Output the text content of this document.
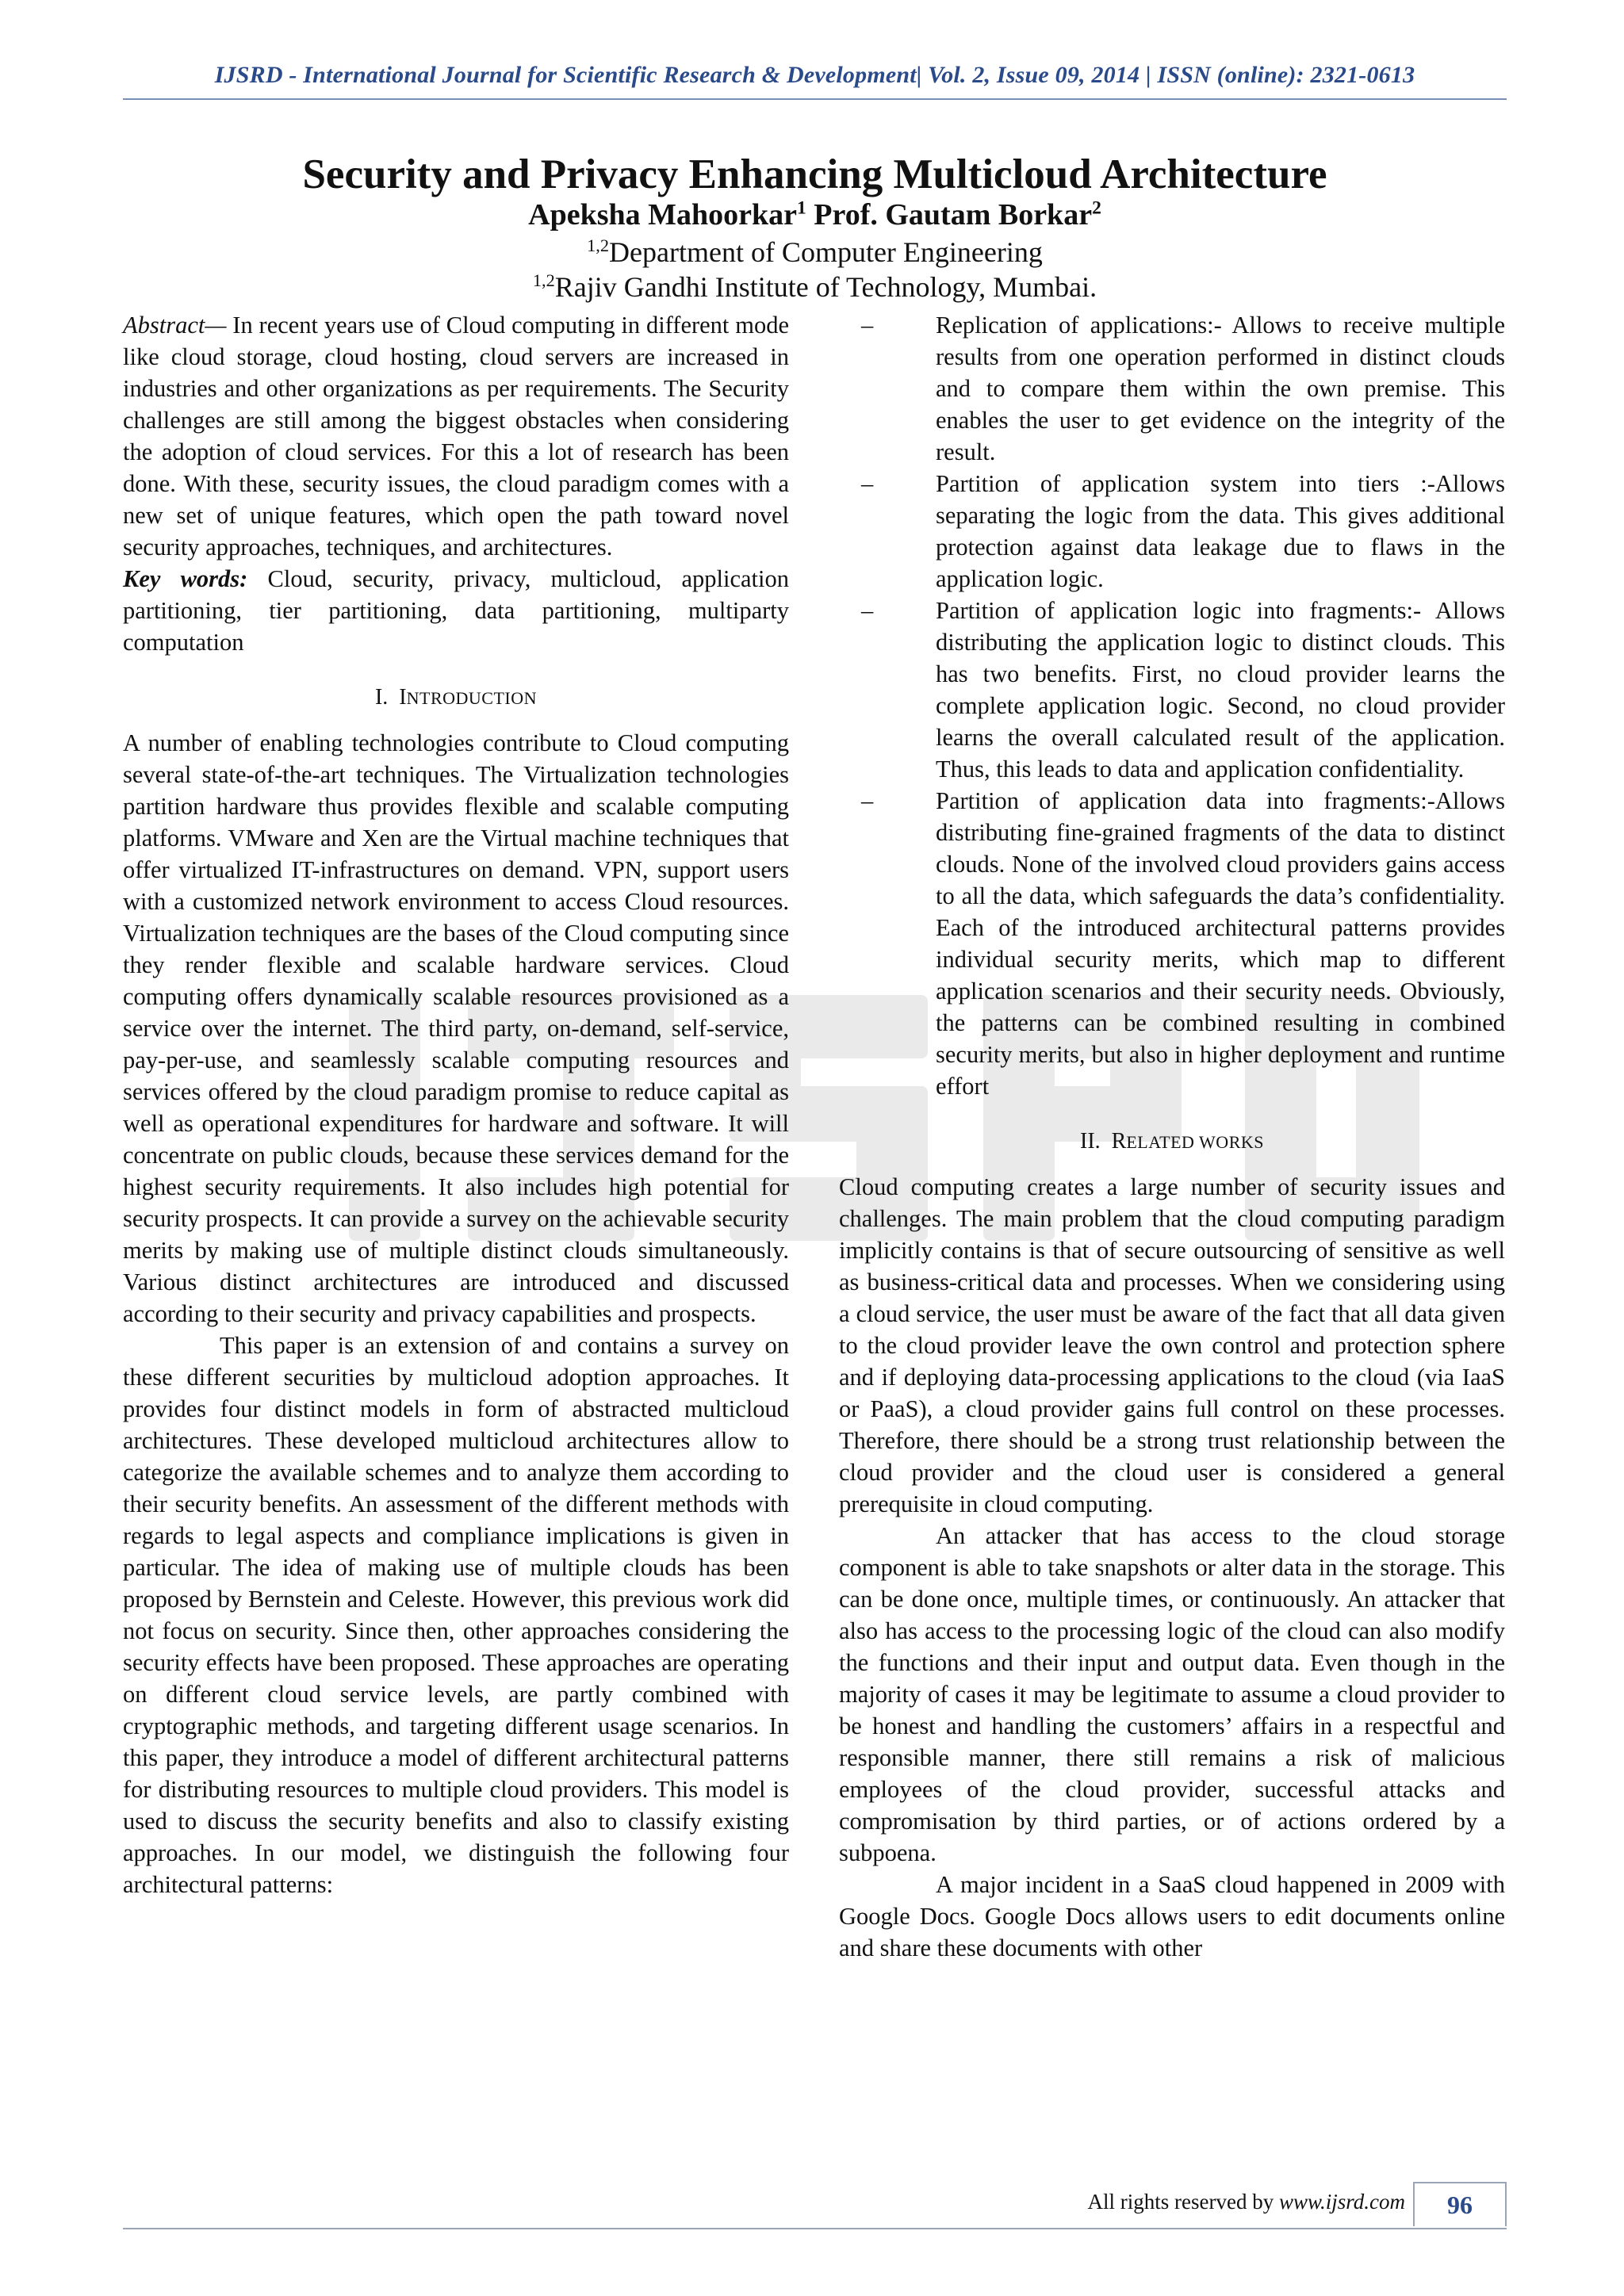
IJSRD - International Journal for Scientific Research & Development| Vol. 2, Issue 09, 2014 | ISSN (online): 2321-0613
Security and Privacy Enhancing Multicloud Architecture
Apeksha Mahoorkar$^1$ Prof. Gautam Borkar$^2$
$^{1,2}$Department of Computer Engineering
$^{1,2}$Rajiv Gandhi Institute of Technology, Mumbai.

Abstract— In recent years use of Cloud computing in different mode like cloud storage, cloud hosting, cloud servers are increased in industries and other organizations as per requirements. The Security challenges are still among the biggest obstacles when considering the adoption of cloud services. For this a lot of research has been done. With these, security issues, the cloud paradigm comes with a new set of unique features, which open the path toward novel security approaches, techniques, and architectures.

Key words: Cloud, security, privacy, multicloud, application partitioning, tier partitioning, data partitioning, multiparty computation

I. INTRODUCTION

A number of enabling technologies contribute to Cloud computing several state-of-the-art techniques. The Virtualization technologies partition hardware thus provides flexible and scalable computing platforms. VMware and Xen are the Virtual machine techniques that offer virtualized IT-infrastructures on demand. VPN, support users with a customized network environment to access Cloud resources. Virtualization techniques are the bases of the Cloud computing since they render flexible and scalable hardware services. Cloud computing offers dynamically scalable resources provisioned as a service over the internet. The third party, on-demand, self-service, pay-per-use, and seamlessly scalable computing resources and services offered by the cloud paradigm promise to reduce capital as well as operational expenditures for hardware and software. It will concentrate on public clouds, because these services demand for the highest security requirements. It also includes high potential for security prospects. It can provide a survey on the achievable security merits by making use of multiple distinct clouds simultaneously. Various distinct architectures are introduced and discussed according to their security and privacy capabilities and prospects.

This paper is an extension of and contains a survey on these different securities by multicloud adoption approaches. It provides four distinct models in form of abstracted multicloud architectures. These developed multicloud architectures allow to categorize the available schemes and to analyze them according to their security benefits. An assessment of the different methods with regards to legal aspects and compliance implications is given in particular. The idea of making use of multiple clouds has been proposed by Bernstein and Celeste. However, this previous work did not focus on security. Since then, other approaches considering the security effects have been proposed. These approaches are operating on different cloud service levels, are partly combined with cryptographic methods, and targeting different usage scenarios. In this paper, they introduce a model of different architectural patterns for distributing resources to multiple cloud providers. This model is used to discuss the security benefits and also to classify existing approaches. In our model, we distinguish the following four architectural patterns:

–	Replication of applications:- Allows to receive multiple results from one operation performed in distinct clouds and to compare them within the own premise. This enables the user to get evidence on the integrity of the result.
–	Partition of application system into tiers :-Allows separating the logic from the data. This gives additional protection against data leakage due to flaws in the application logic.
–	Partition of application logic into fragments:- Allows distributing the application logic to distinct clouds. This has two benefits. First, no cloud provider learns the complete application logic. Second, no cloud provider learns the overall calculated result of the application. Thus, this leads to data and application confidentiality.
–	Partition of application data into fragments:-Allows distributing fine-grained fragments of the data to distinct clouds. None of the involved cloud providers gains access to all the data, which safeguards the data’s confidentiality. Each of the introduced architectural patterns provides individual security merits, which map to different application scenarios and their security needs. Obviously, the patterns can be combined resulting in combined security merits, but also in higher deployment and runtime effort
II. RELATED WORKS

Cloud computing creates a large number of security issues and challenges. The main problem that the cloud computing paradigm implicitly contains is that of secure outsourcing of sensitive as well as business-critical data and processes. When we considering using a cloud service, the user must be aware of the fact that all data given to the cloud provider leave the own control and protection sphere and if deploying data-processing applications to the cloud (via IaaS or PaaS), a cloud provider gains full control on these processes. Therefore, there should be a strong trust relationship between the cloud provider and the cloud user is considered a general prerequisite in cloud computing.

An attacker that has access to the cloud storage component is able to take snapshots or alter data in the storage. This can be done once, multiple times, or continuously. An attacker that also has access to the processing logic of the cloud can also modify the functions and their input and output data. Even though in the majority of cases it may be legitimate to assume a cloud provider to be honest and handling the customers’ affairs in a respectful and responsible manner, there still remains a risk of malicious employees of the cloud provider, successful attacks and compromisation by third parties, or of actions ordered by a subpoena.

A major incident in a SaaS cloud happened in 2009 with Google Docs. Google Docs allows users to edit documents online and share these documents with other

All rights reserved by www.ijsrd.com	96
